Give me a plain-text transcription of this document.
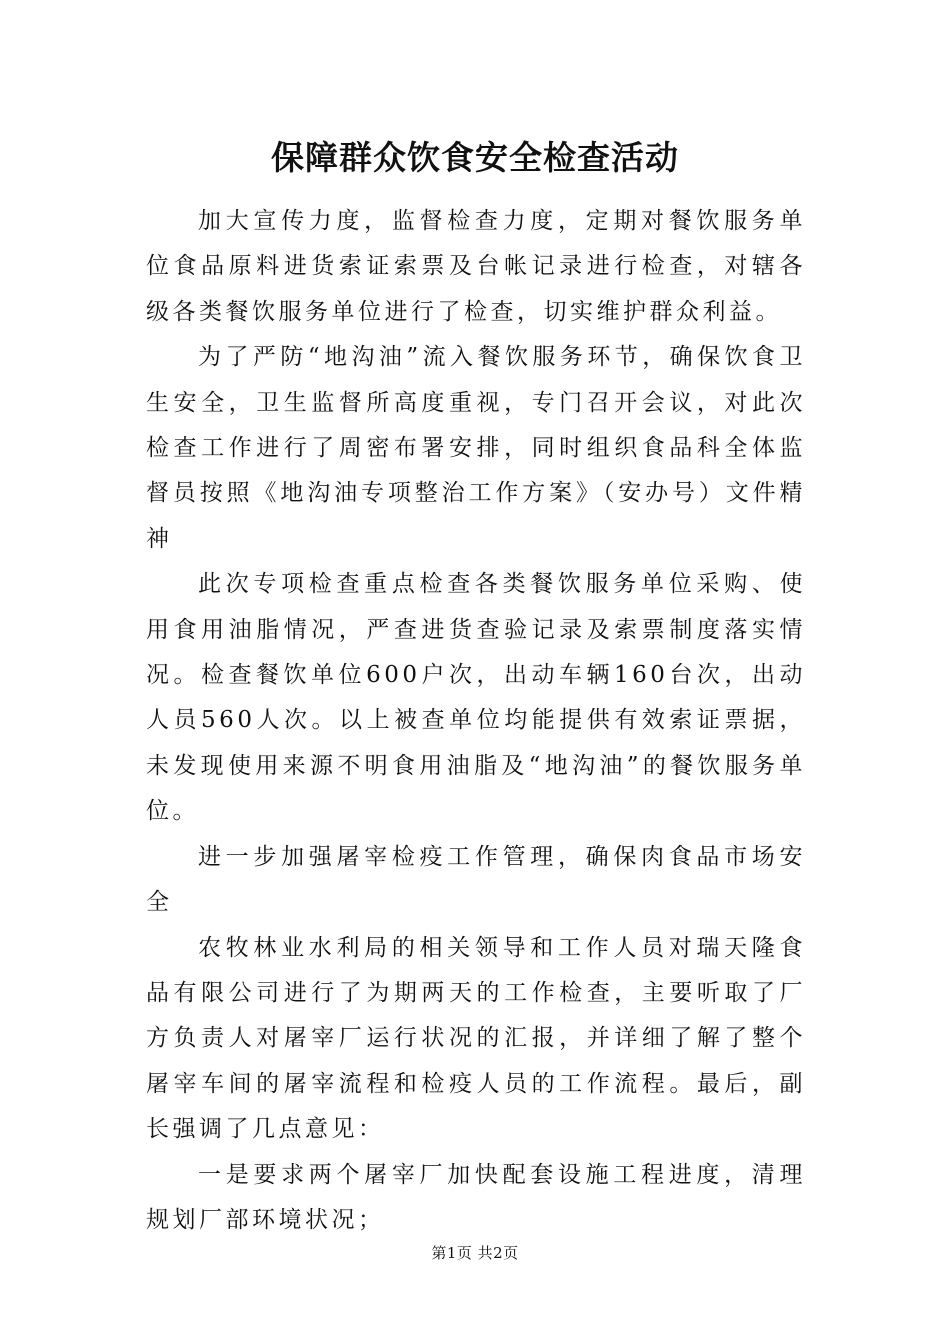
保障群众饮食安全检查活动

加大宣传力度，监督检查力度，定期对餐饮服务单位食品原料进货索证索票及台帐记录进行检查，对辖各级各类餐饮服务单位进行了检查，切实维护群众利益。

为了严防“地沟油”流入餐饮服务环节，确保饮食卫生安全，卫生监督所高度重视，专门召开会议，对此次检查工作进行了周密布署安排，同时组织食品科全体监督员按照《地沟油专项整治工作方案》（安办号）文件精神

此次专项检查重点检查各类餐饮服务单位采购、使用食用油脂情况，严查进货查验记录及索票制度落实情况。检查餐饮单位600户次，出动车辆160台次，出动人员560人次。以上被查单位均能提供有效索证票据，未发现使用来源不明食用油脂及“地沟油”的餐饮服务单位。

进一步加强屠宰检疫工作管理，确保肉食品市场安全

农牧林业水利局的相关领导和工作人员对瑞天隆食品有限公司进行了为期两天的工作检查，主要听取了厂方负责人对屠宰厂运行状况的汇报，并详细了解了整个屠宰车间的屠宰流程和检疫人员的工作流程。最后，副长强调了几点意见：

一是要求两个屠宰厂加快配套设施工程进度，清理规划厂部环境状况；

第1页 共2页
